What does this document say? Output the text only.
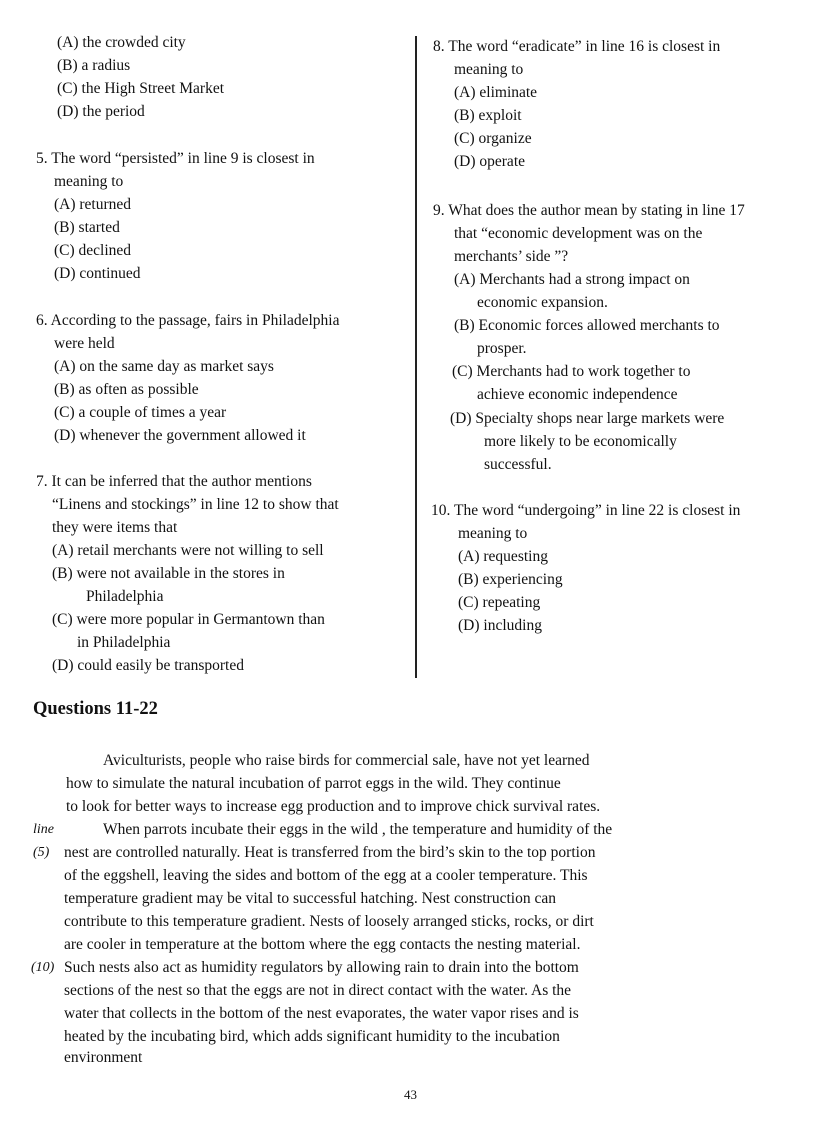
(A) the crowded city
(B) a radius
(C) the High Street Market
(D) the period
5. The word “persisted” in line 9 is closest in
meaning to
(A) returned
(B) started
(C) declined
(D) continued
6. According to the passage, fairs in Philadelphia
were held
(A) on the same day as market says
(B) as often as possible
(C) a couple of times a year
(D) whenever the government allowed it
7. It can be inferred that the author mentions
“Linens and stockings” in line 12 to show that
they were items that
(A) retail merchants were not willing to sell
(B) were not available in the stores in
Philadelphia
(C) were more popular in Germantown than
in Philadelphia
(D) could easily be transported
8. The word “eradicate” in line 16 is closest in
meaning to
(A) eliminate
(B) exploit
(C) organize
(D) operate
9. What does the author mean by stating in line 17
that “economic development was on the
merchants’ side ”?
(A) Merchants had a strong impact on
economic expansion.
(B) Economic forces allowed merchants to
prosper.
(C) Merchants had to work together to
achieve economic independence
(D) Specialty shops near large markets were
more likely to be economically
successful.
10. The word “undergoing” in line 22 is closest in
meaning to
(A) requesting
(B) experiencing
(C) repeating
(D) including
Questions 11-22
Aviculturists, people who raise birds for commercial sale, have not yet learned
how to simulate the natural incubation of parrot eggs in the wild. They continue
to look for better ways to increase egg production and to improve chick survival rates.
When parrots incubate their eggs in the wild , the temperature and humidity of the
nest are controlled naturally. Heat is transferred from the bird’s skin to the top portion
of the eggshell, leaving the sides and bottom of the egg at a cooler temperature. This
temperature gradient may be vital to successful hatching. Nest construction can
contribute to this temperature gradient. Nests of loosely arranged sticks, rocks, or dirt
are cooler in temperature at the bottom where the egg contacts the nesting material.
Such nests also act as humidity regulators by allowing rain to drain into the bottom
sections of the nest so that the eggs are not in direct contact with the water. As the
water that collects in the bottom of the nest evaporates, the water vapor rises and is
heated by the incubating bird, which adds significant humidity to the incubation
environment
line
(5)
(10)
43
